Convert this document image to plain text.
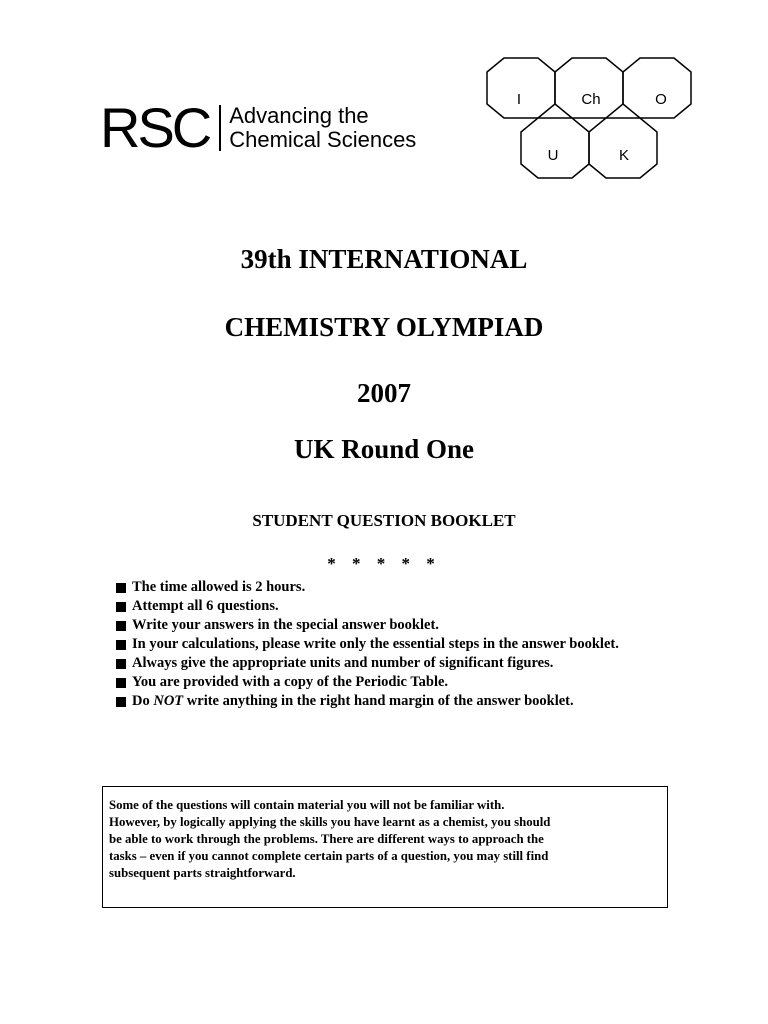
RSC Advancing the
Chemical Sciences
I	Ch	O
U	K
39th INTERNATIONAL
CHEMISTRY OLYMPIAD
2007
UK Round One
STUDENT QUESTION BOOKLET
* * * * *
The time allowed is 2 hours.
Attempt all 6 questions.
Write your answers in the special answer booklet.
In your calculations, please write only the essential steps in the answer booklet.
Always give the appropriate units and number of significant figures.
You are provided with a copy of the Periodic Table.
Do NOT write anything in the right hand margin of the answer booklet.
Some of the questions will contain material you will not be familiar with.
However, by logically applying the skills you have learnt as a chemist, you should
be able to work through the problems. There are different ways to approach the
tasks – even if you cannot complete certain parts of a question, you may still find
subsequent parts straightforward.
